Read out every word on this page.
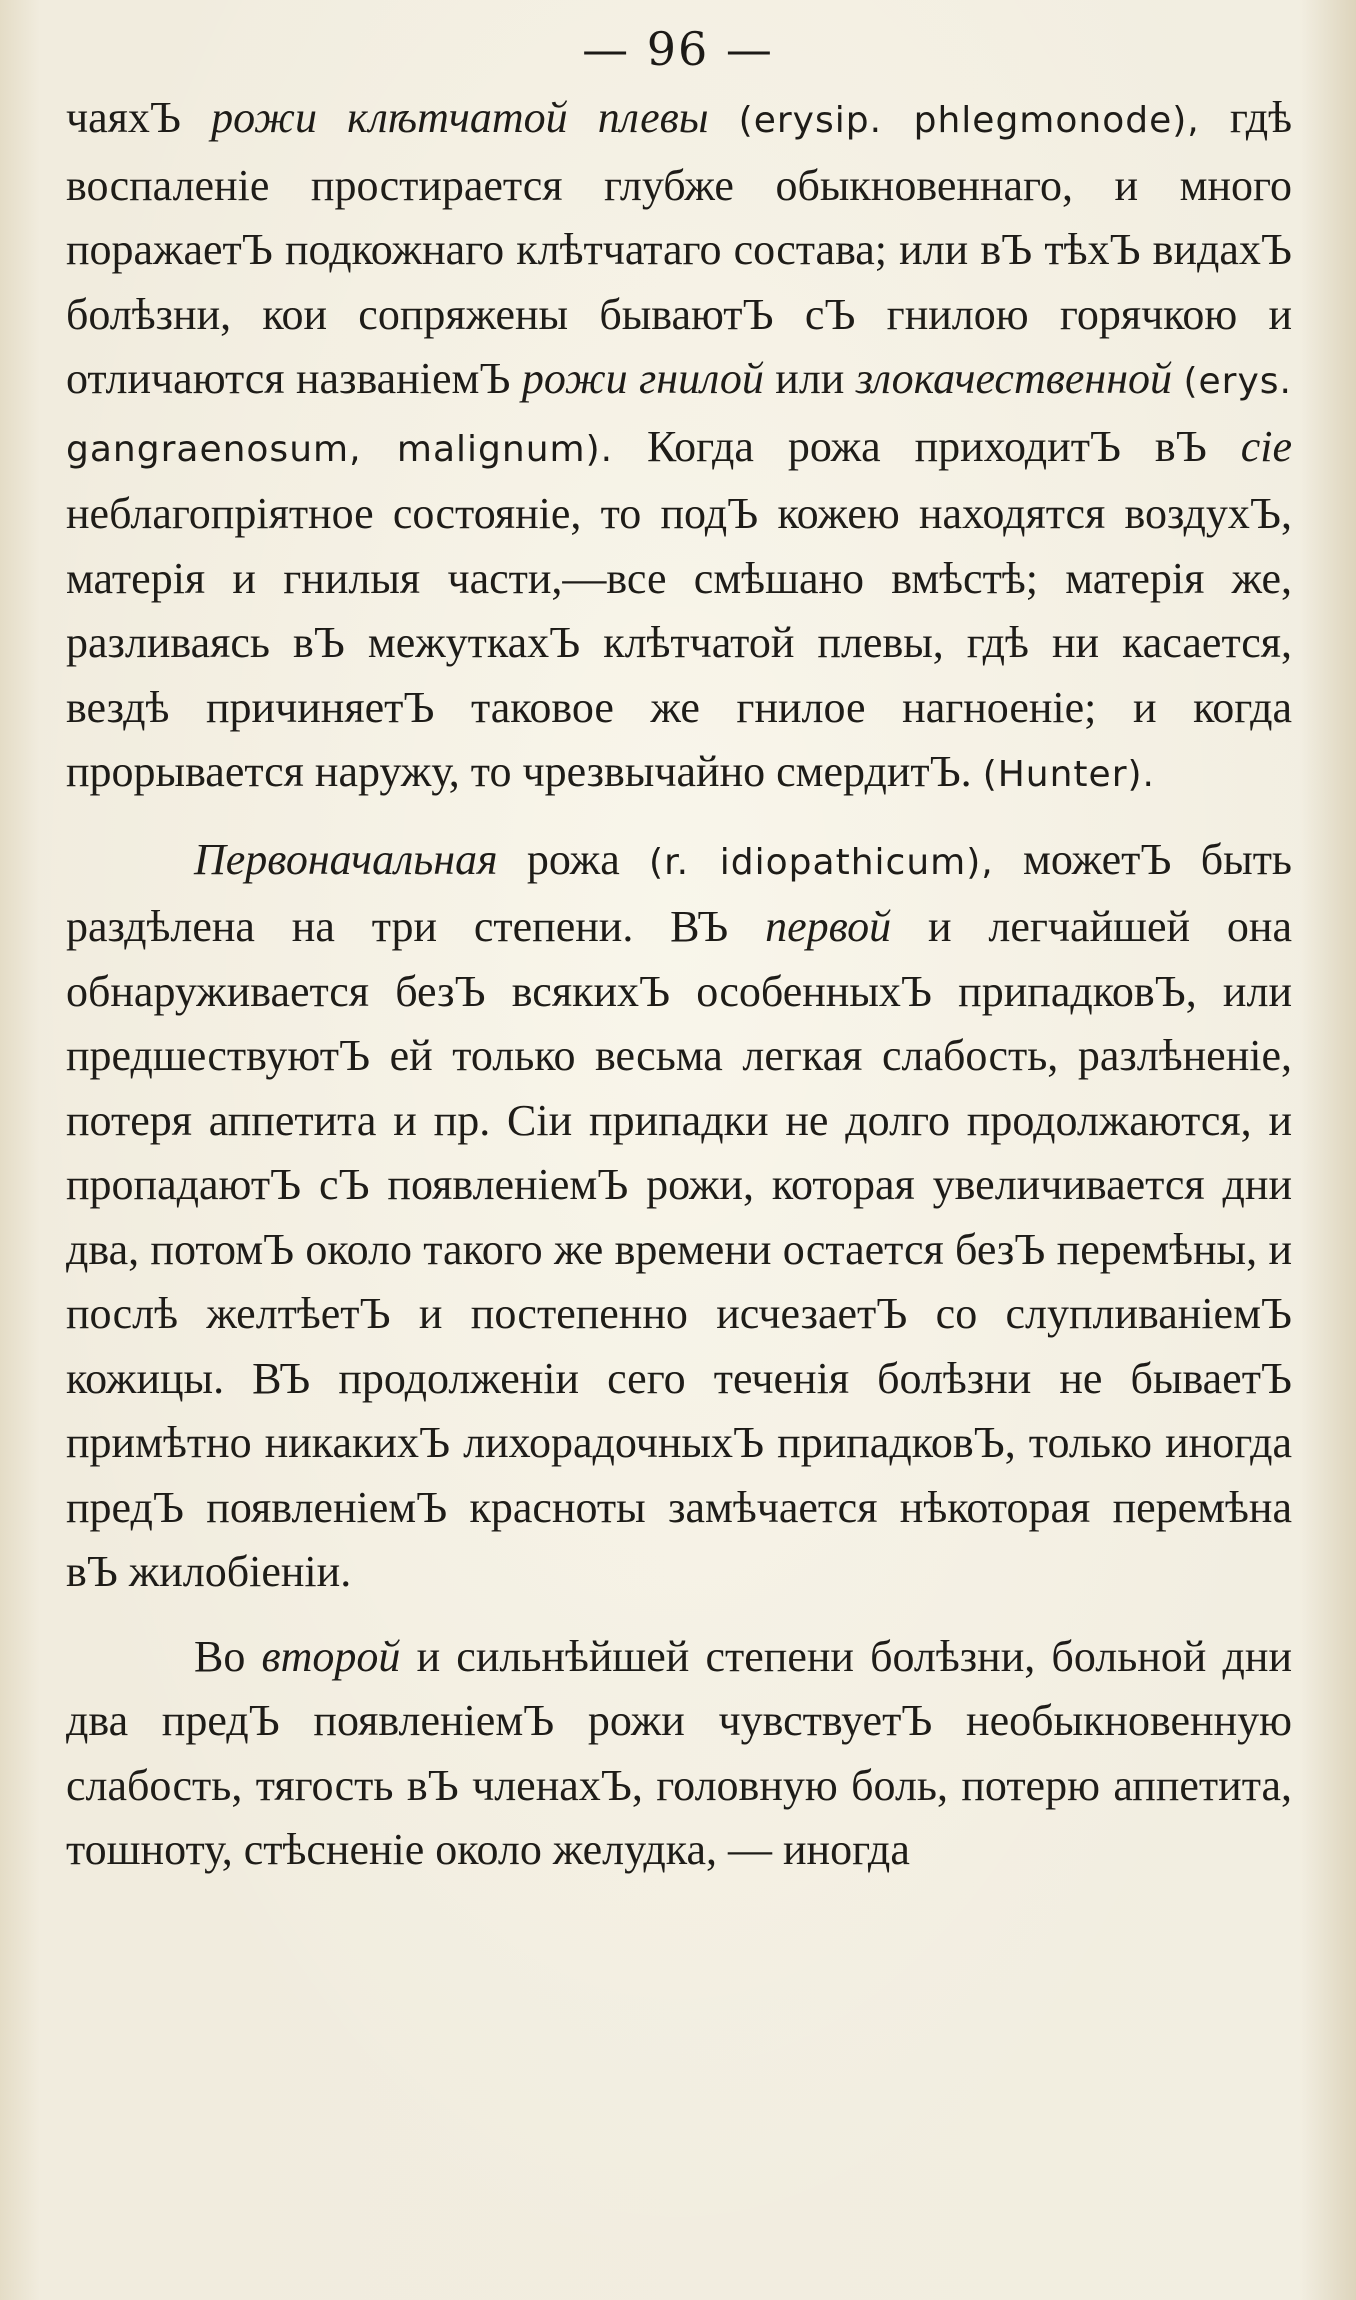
— 96 —

чаяхЪ рожи клѣтчатой плевы (erysip. phlegmonode), гдѣ воспаленіе простирается глубже обыкновеннаго, и много поражаетЪ подкожнаго клѣтчатаго состава; или вЪ тѣхЪ видахЪ болѣзни, кои сопряжены бываютЪ сЪ гнилою горячкою и отличаются названіемЪ рожи гнилой или злокачественной (erys. gangraenosum, malignum). Когда рожа приходитЪ вЪ сіе неблагопріятное состояніе, то подЪ кожею находятся воздухЪ, матерія и гнилыя части,—все смѣшано вмѣстѣ; матерія же, разливаясь вЪ межуткахЪ клѣтчатой плевы, гдѣ ни касается, вездѣ причиняетЪ таковое же гнилое нагноеніе; и когда прорывается наружу, то чрезвычайно смердитЪ. (Hunter).

Первоначальная рожа (r. idiopathicum), можетЪ быть раздѣлена на три степени. ВЪ первой и легчайшей она обнаруживается безЪ всякихЪ особенныхЪ припадковЪ, или предшествуютЪ ей только весьма легкая слабость, разлѣненіе, потеря аппетита и пр. Сіи припадки не долго продолжаются, и пропадаютЪ сЪ появленіемЪ рожи, которая увеличивается дни два, потомЪ около такого же времени остается безЪ перемѣны, и послѣ желтѣетЪ и постепенно исчезаетЪ со слупливаніемЪ кожицы. ВЪ продолженіи сего теченія болѣзни не бываетЪ примѣтно никакихЪ лихорадочныхЪ припадковЪ, только иногда предЪ появленіемЪ красноты замѣчается нѣкоторая перемѣна вЪ жилобіеніи.

Во второй и сильнѣйшей степени болѣзни, больной дни два предЪ появленіемЪ рожи чувствуетЪ необыкновенную слабость, тягость вЪ членахЪ, головную боль, потерю аппетита, тошноту, стѣсненіе около желудка, — иногда
